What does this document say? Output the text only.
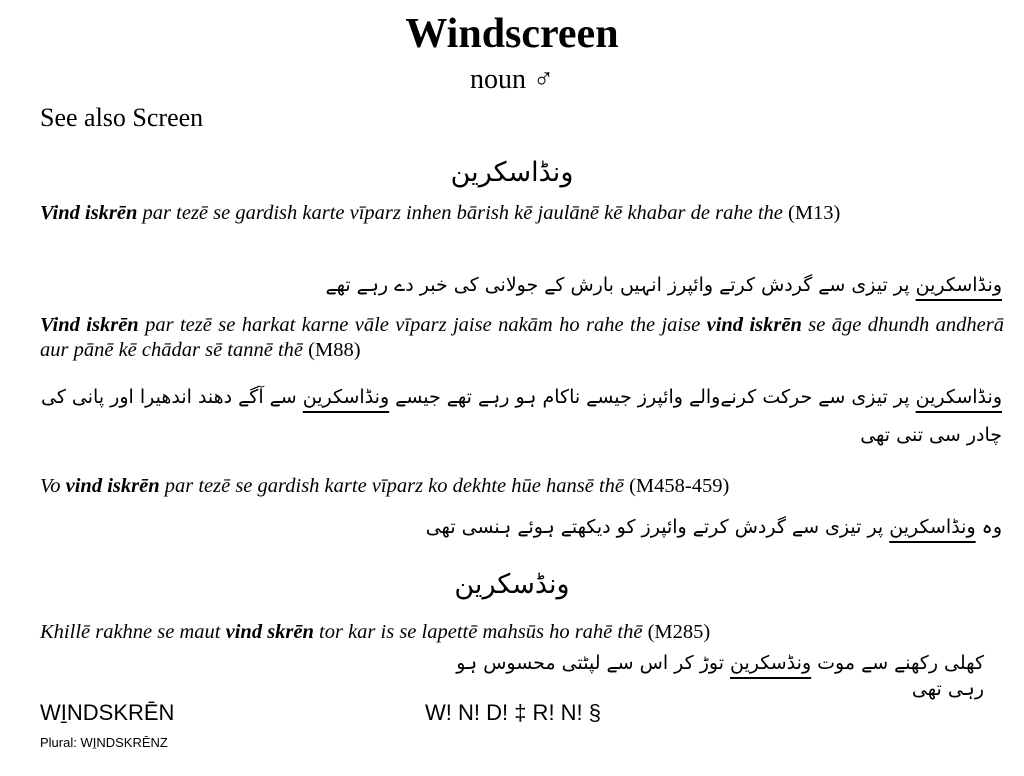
Windscreen
noun ♂
See also Screen
ونڈاسکرین
Vind iskrēn par tezē se gardish karte vīparz inhen bārish kē jaulānē kē khabar de rahe the (M13)
ونڈاسکرین پر تیزی سے گردش کرتے وائپرز انہیں بارش کے جولانی کی خبر دے رہے تھے
Vind iskrēn par tezē se harkat karne vāle vīparz jaise nakām ho rahe the jaise vind iskrēn se āge dhundh andherā aur pānē kē chādar sē tannē thē (M88)
ونڈاسکرین پر تیزی سے حرکت کرنےوالے وائپرز جیسے ناکام ہو رہے تھے جیسے ونڈاسکرین سے آگے دھند اندھیرا اور پانی کی چادر سی تنی تھی
Vo vind iskrēn par tezē se gardish karte vīparz ko dekhte hūe hansē thē (M458-459)
وہ ونڈاسکرین پر تیزی سے گردش کرتے وائپرز کو دیکھتے ہوئے ہنسی تھی
ونڈسکرین
Khillē rakhne se maut vind skrēn tor kar is se lapettē mahsūs ho rahē thē (M285)
کھلی رکھنے سے موت ونڈسکرین توڑ کر اس سے لپٹتی محسوس ہو رہی تھی
WI̱NDSKRĒN
Plural: WI̱NDSKRĒNZ
W! N! D! ‡ R! N! §
